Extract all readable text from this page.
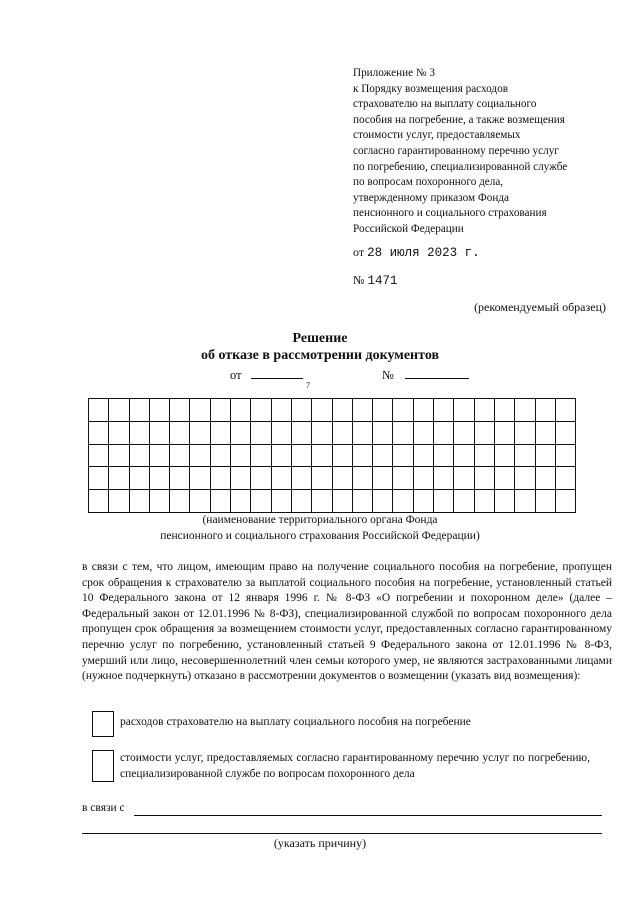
Приложение № 3

к Порядку возмещения расходов

страхователю на выплату социального

пособия на погребение, а также возмещения

стоимости услуг, предоставляемых

согласно гарантированному перечню услуг

по погребению, специализированной службе

по вопросам похоронного дела,

утвержденному приказом Фонда

пенсионного и социального страхования

Российской Федерации

от 28 июля 2023 г.
№ 1471
(рекомендуемый образец)
Решение
об отказе в рассмотрении документов
от	№
7

(наименование территориального органа Фонда
пенсионного и социального страхования Российской Федерации)
в связи с тем, что лицом, имеющим право на получение социального пособия на погребение, пропущен срок обращения к страхователю за выплатой социального пособия на погребение, установленный статьей 10 Федерального закона от 12 января 1996 г. № 8-ФЗ «О погребении и похоронном деле» (далее – Федеральный закон от 12.01.1996 № 8-ФЗ), специализированной службой по вопросам похоронного дела пропущен срок обращения за возмещением стоимости услуг, предоставленных согласно гарантированному перечню услуг по погребению, установленный статьей 9 Федерального закона от 12.01.1996 № 8-ФЗ, умерший или лицо, несовершеннолетний член семьи которого умер, не являются застрахованными лицами (нужное подчеркнуть) отказано в рассмотрении документов о возмещении (указать вид возмещения):
расходов страхователю на выплату социального пособия на погребение
стоимости услуг, предоставляемых согласно гарантированному перечню услуг по погребению, специализированной службе по вопросам похоронного дела
в связи с
(указать причину)
